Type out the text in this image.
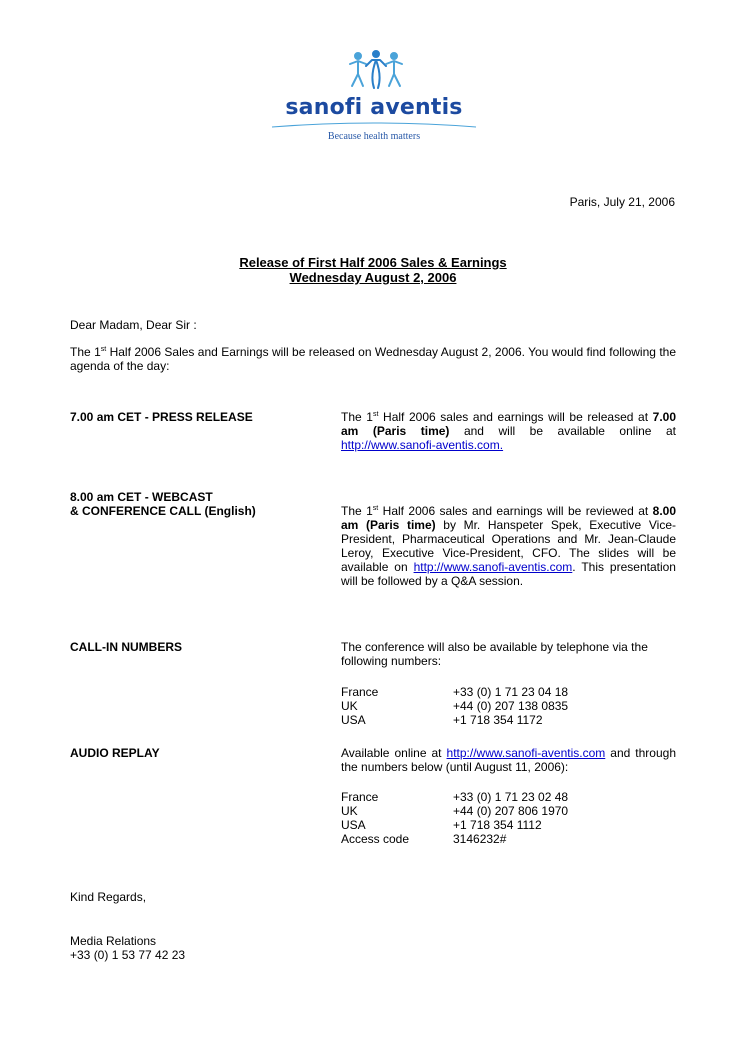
sanofi aventis
Because health matters
Paris, July 21, 2006
Release of First Half 2006 Sales & Earnings
Wednesday August 2, 2006
Dear Madam, Dear Sir :
The 1st Half 2006 Sales and Earnings will be released on Wednesday August 2, 2006. You would find following the agenda of the day:
7.00 am CET - PRESS RELEASE	The 1st Half 2006 sales and earnings will be released at 7.00 am (Paris time) and will be available online at http://www.sanofi-aventis.com.
8.00 am CET - WEBCAST
& CONFERENCE CALL (English)	The 1st Half 2006 sales and earnings will be reviewed at 8.00 am (Paris time) by Mr. Hanspeter Spek, Executive Vice-President, Pharmaceutical Operations and Mr. Jean-Claude Leroy, Executive Vice-President, CFO. The slides will be available on http://www.sanofi-aventis.com. This presentation will be followed by a Q&A session.
CALL-IN NUMBERS	The conference will also be available by telephone via the following numbers:
France	+33 (0) 1 71 23 04 18
UK	+44 (0) 207 138 0835
USA	+1 718 354 1172
AUDIO REPLAY	Available online at http://www.sanofi-aventis.com and through the numbers below (until August 11, 2006):
France	+33 (0) 1 71 23 02 48
UK	+44 (0) 207 806 1970
USA	+1 718 354 1112
Access code	3146232#
Kind Regards,
Media Relations
+33 (0) 1 53 77 42 23
